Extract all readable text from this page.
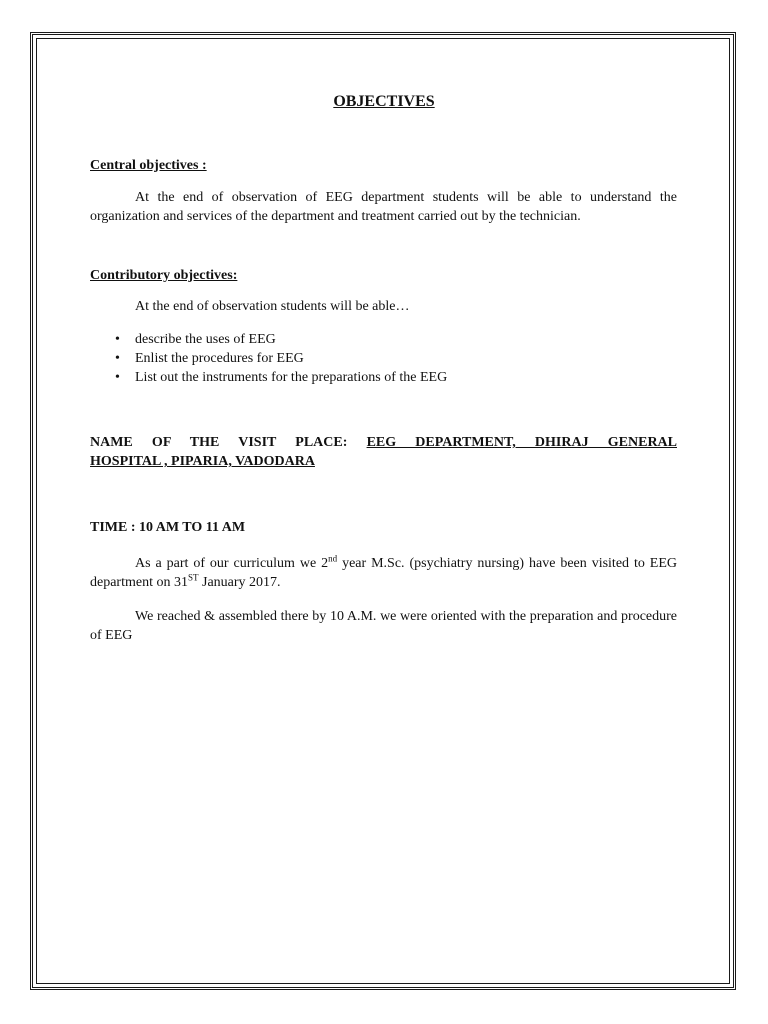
OBJECTIVES
Central objectives :
At the end of observation of EEG department students will be able to understand the organization and services of the department and treatment carried out by the technician.
Contributory objectives:
At the end of observation students will be able…
• describe the uses of EEG
• Enlist the procedures for EEG
• List out the instruments for the preparations of the EEG
NAME OF THE VISIT PLACE: EEG DEPARTMENT, DHIRAJ GENERAL
HOSPITAL , PIPARIA, VADODARA
TIME : 10 AM TO 11 AM
As a part of our curriculum we 2nd year M.Sc. (psychiatry nursing) have been visited to EEG department on 31ST January 2017.
We reached & assembled there by 10 A.M. we were oriented with the preparation and procedure of EEG
